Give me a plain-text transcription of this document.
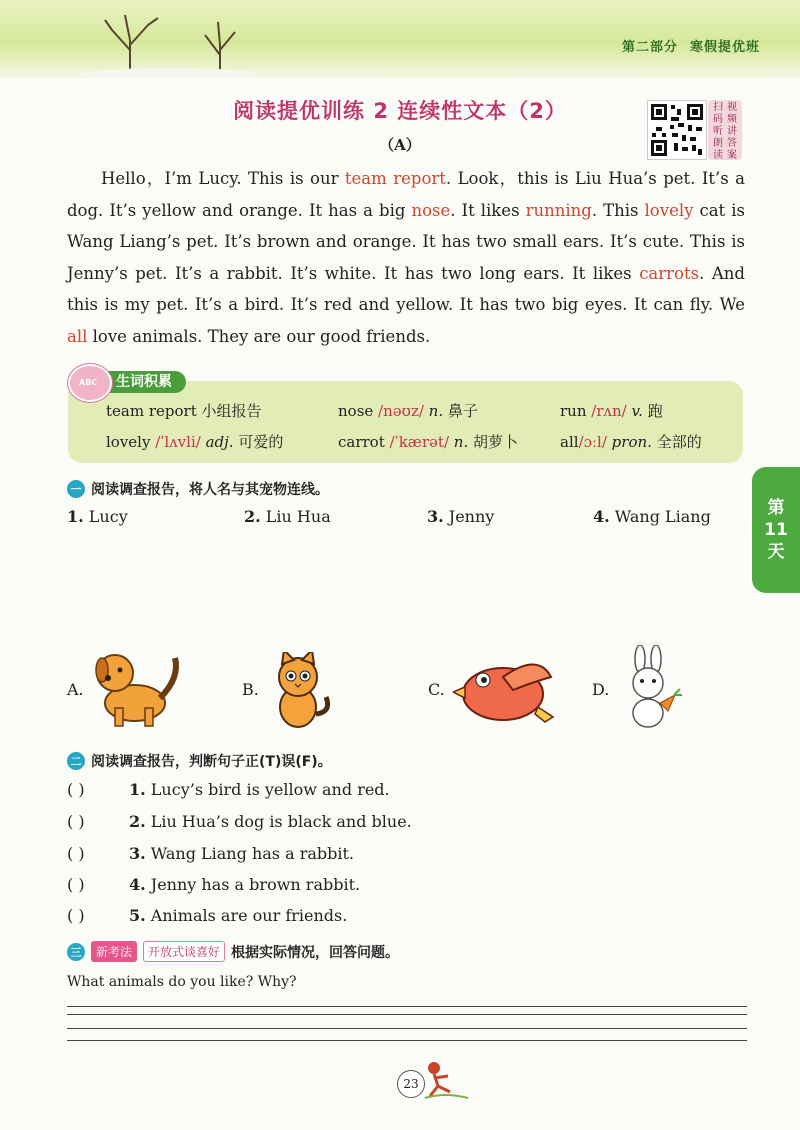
第二部分 寒假提优班
阅读提优训练 2 连续性文本（2）
（A）
扫码听朗读
视频讲答案
Hello，I’m Lucy. This is our team report. Look，this is Liu Hua’s pet. It’s a dog. It’s yellow and orange. It has a big nose. It likes running. This lovely cat is Wang Liang’s pet. It’s brown and orange. It has two small ears. It’s cute. This is Jenny’s pet. It’s a rabbit. It’s white. It has two long ears. It likes carrots. And this is my pet. It’s a bird. It’s red and yellow. It has two big eyes. It can fly. We all love animals. They are our good friends.
team report 小组报告	nose /nəʊz/ n. 鼻子	run /rʌn/ v. 跑
lovely /ˈlʌvli/ adj. 可爱的	carrot /ˈkærət/ n. 胡萝卜	all/ɔːl/ pron. 全部的
生词积累
ABC
一 阅读调查报告，将人名与其宠物连线。
1. Lucy	2. Liu Hua	3. Jenny	4. Wang Liang	第
11
天
A.	B.	C.	D.
二 阅读调查报告，判断句子正(T)误(F)。
( )	1. Lucy’s bird is yellow and red.
( )	2. Liu Hua’s dog is black and blue.
( )	3. Wang Liang has a rabbit.
( )	4. Jenny has a brown rabbit.
( )	5. Animals are our friends.
三	新考法	开放式谈喜好 根据实际情况，回答问题。
What animals do you like? Why?
23
